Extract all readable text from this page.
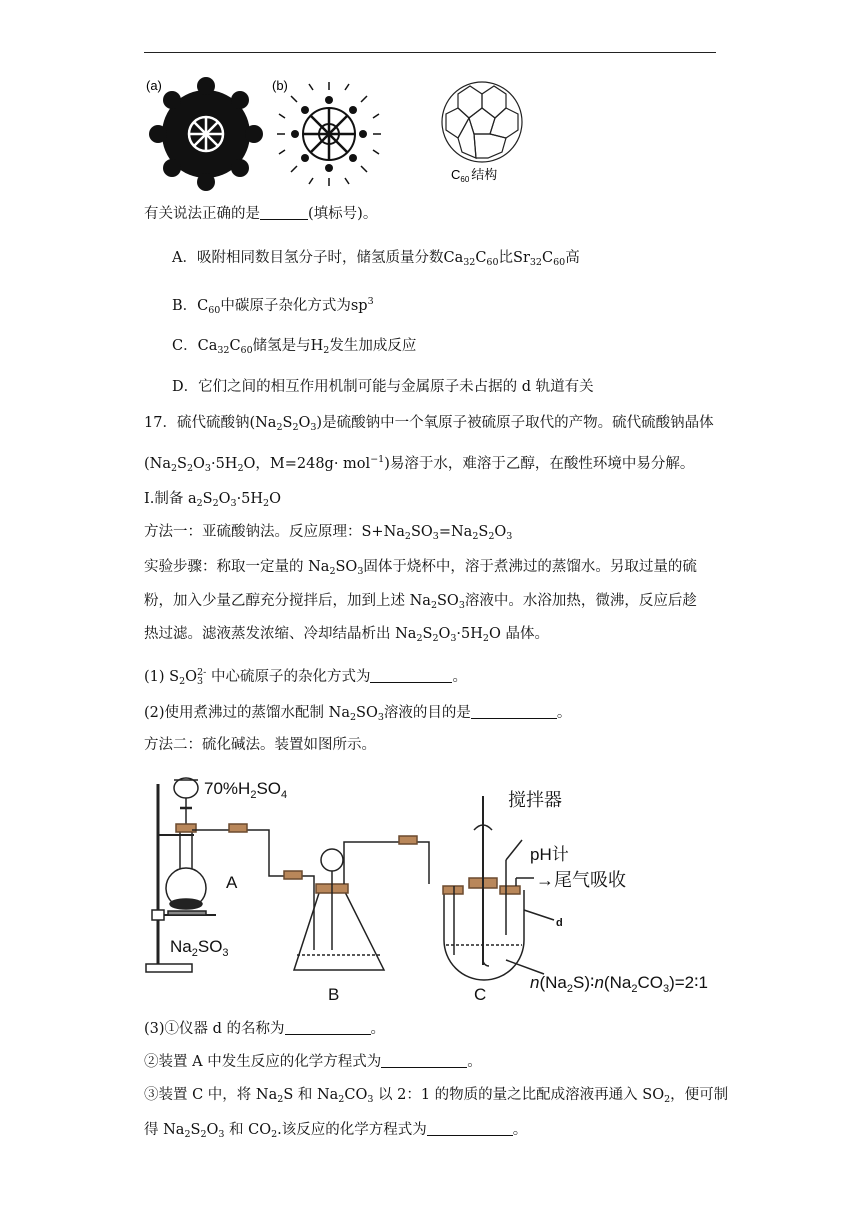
(a)	(b)
$C_{60}$ 结构
有关说法正确的是	(填标号)。
A．吸附相同数目氢分子时，储氢质量分数$Ca_{32}C_{60}$比$Sr_{32}C_{60}$高
B．$C_{60}$中碳原子杂化方式为$sp^3$
C．$Ca_{32}C_{60}$储氢是与$H_2$发生加成反应
D．它们之间的相互作用机制可能与金属原子未占据的 d 轨道有关
17．硫代硫酸钠$(Na_2S_2O_3)$是硫酸钠中一个氧原子被硫原子取代的产物。硫代硫酸钠晶体
($Na_2S_2O_3\cdot 5H_2O$，M=248g· mol$^{-1}$)易溶于水，难溶于乙醇，在酸性环境中易分解。
I.制备 $a_2S_2O_3\cdot 5H_2O$
方法一：亚硫酸钠法。反应原理：$S+Na_2SO_3=Na_2S_2O_3$
实验步骤：称取一定量的 $Na_2SO_3$固体于烧杯中，溶于煮沸过的蒸馏水。另取过量的硫
粉，加入少量乙醇充分搅拌后，加到上述 $Na_2SO_3$溶液中。水浴加热，微沸，反应后趁
热过滤。滤液蒸发浓缩、冷却结晶析出 $Na_2S_2O_3\cdot 5H_2O$ 晶体。
(1) $S_2O_3^{2-}$ 中心硫原子的杂化方式为	。
(2)使用煮沸过的蒸馏水配制 $Na_2SO_3$溶液的目的是	。
方法二：硫化碱法。装置如图所示。
$70\%H_2SO_4$
A
$Na_2SO_3$
B	C
搅拌器
pH计
→尾气吸收
d
$n(Na_2S)∶n(Na_2CO_3)=2∶1$
(3)①仪器 d 的名称为	。
②装置 A 中发生反应的化学方程式为	。
③装置 C 中，将 $Na_2S$ 和 $Na_2CO_3$ 以 2：1 的物质的量之比配成溶液再通入 $SO_2$，便可制
得 $Na_2S_2O_3$ 和 $CO_2$.该反应的化学方程式为	。
